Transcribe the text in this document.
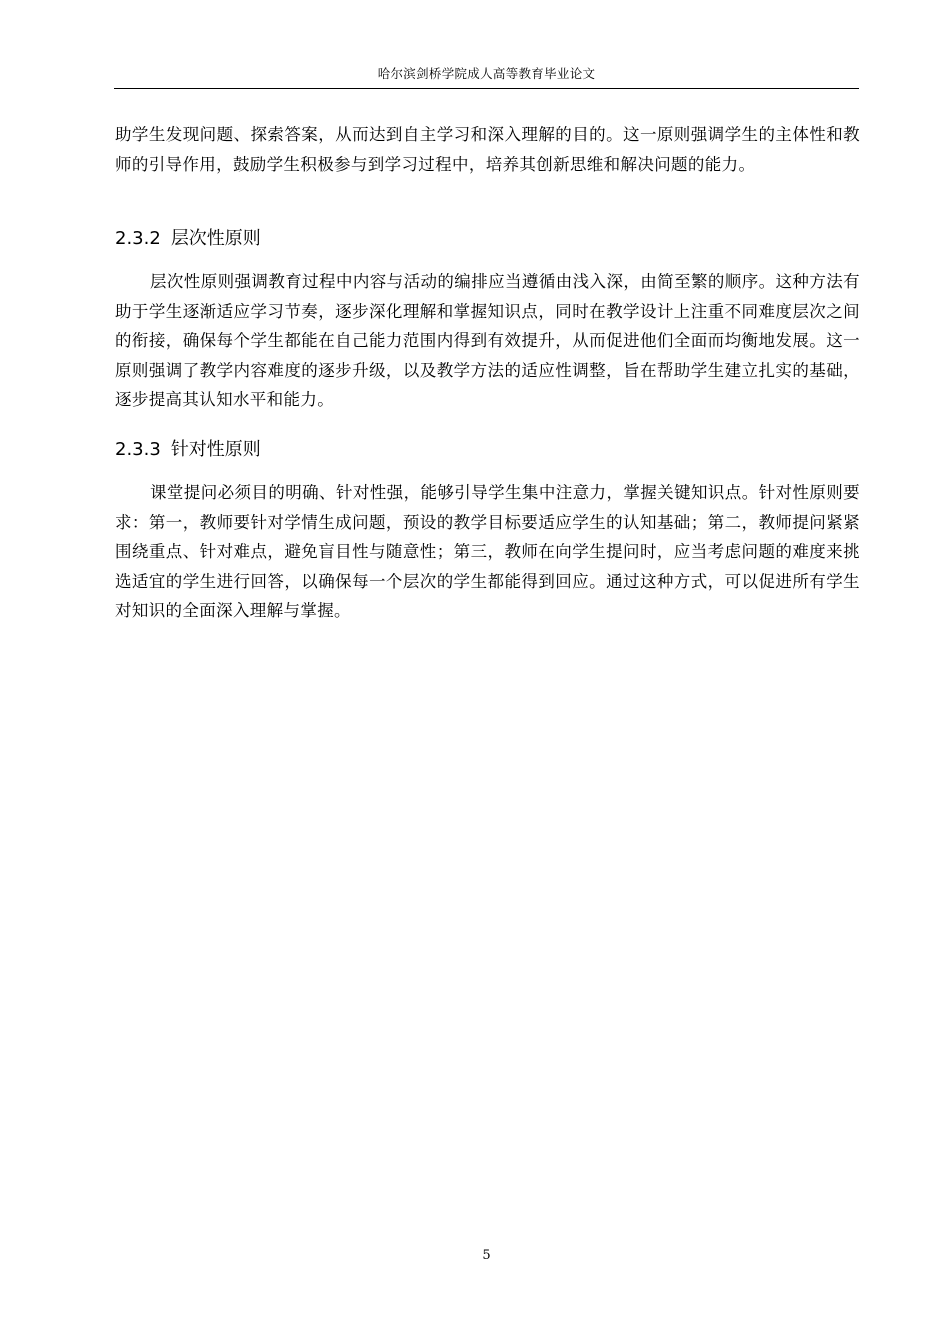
哈尔滨剑桥学院成人高等教育毕业论文

助学生发现问题、探索答案，从而达到自主学习和深入理解的目的。这一原则强调学生的主体性和教师的引导作用，鼓励学生积极参与到学习过程中，培养其创新思维和解决问题的能力。

2.3.2 层次性原则

层次性原则强调教育过程中内容与活动的编排应当遵循由浅入深，由简至繁的顺序。这种方法有助于学生逐渐适应学习节奏，逐步深化理解和掌握知识点，同时在教学设计上注重不同难度层次之间的衔接，确保每个学生都能在自己能力范围内得到有效提升，从而促进他们全面而均衡地发展。这一原则强调了教学内容难度的逐步升级，以及教学方法的适应性调整，旨在帮助学生建立扎实的基础，逐步提高其认知水平和能力。

2.3.3 针对性原则

课堂提问必须目的明确、针对性强，能够引导学生集中注意力，掌握关键知识点。针对性原则要求：第一，教师要针对学情生成问题，预设的教学目标要适应学生的认知基础；第二，教师提问紧紧围绕重点、针对难点，避免盲目性与随意性；第三，教师在向学生提问时，应当考虑问题的难度来挑选适宜的学生进行回答，以确保每一个层次的学生都能得到回应。通过这种方式，可以促进所有学生对知识的全面深入理解与掌握。

5
